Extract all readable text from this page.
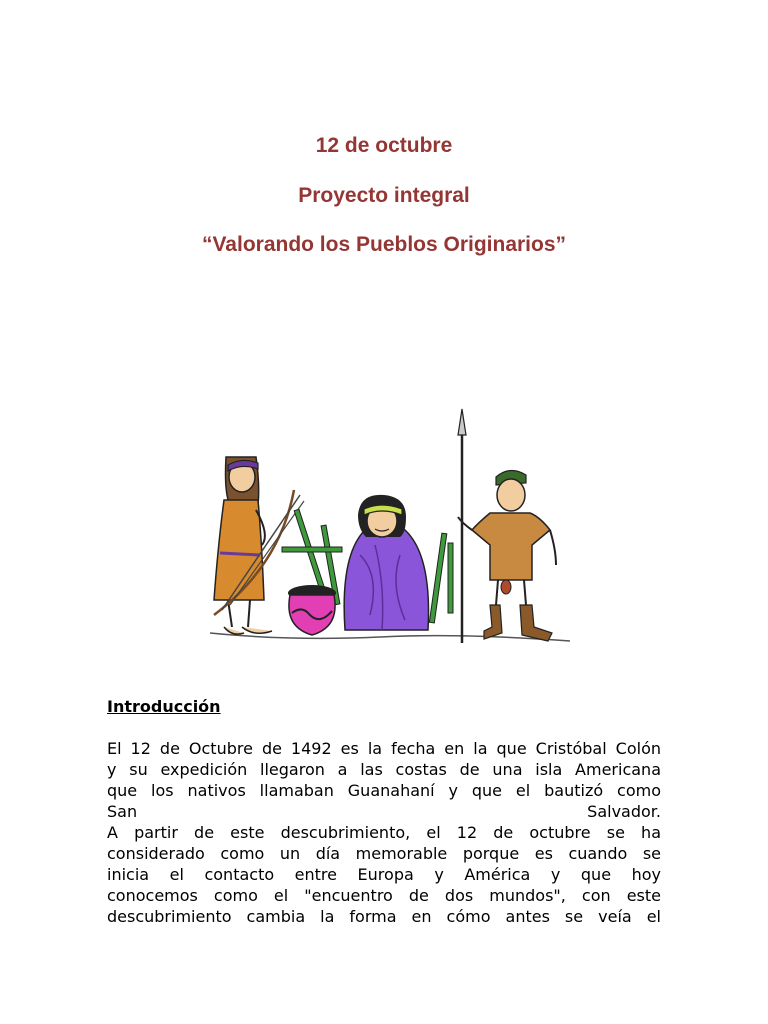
12 de octubre

Proyecto integral

“Valorando los Pueblos Originarios”

Introducción

El 12 de Octubre de 1492 es la fecha en la que Cristóbal Colón
y su expedición llegaron a las costas de una isla Americana
que los nativos llamaban Guanahaní y que el bautizó como
San	Salvador.
A partir de este descubrimiento, el 12 de octubre se ha
considerado como un día memorable porque es cuando se
inicia el contacto entre Europa y América y que hoy
conocemos como el "encuentro de dos mundos", con este
descubrimiento cambia la forma en cómo antes se veía el
